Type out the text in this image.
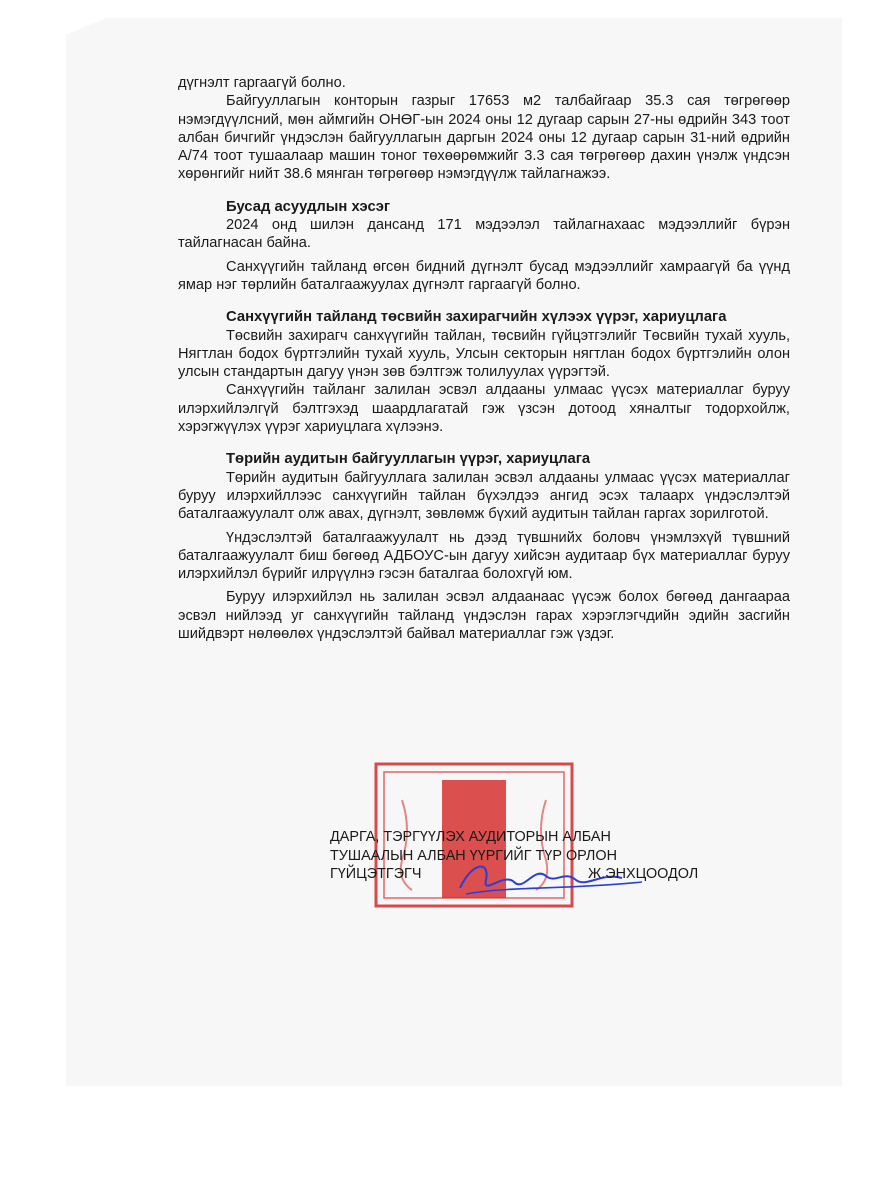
дүгнэлт гаргаагүй болно.

Байгууллагын конторын газрыг 17653 м2 талбайгаар 35.3 сая төгрөгөөр нэмэгдүүлсний, мөн аймгийн ОНӨГ-ын 2024 оны 12 дугаар сарын 27-ны өдрийн 343 тоот албан бичгийг үндэслэн байгууллагын даргын 2024 оны 12 дугаар сарын 31-ний өдрийн А/74 тоот тушаалаар машин тоног төхөөрөмжийг 3.3 сая төгрөгөөр дахин үнэлж үндсэн хөрөнгийг нийт 38.6 мянган төгрөгөөр нэмэгдүүлж тайлагнажээ.

Бусад асуудлын хэсэг

2024 онд шилэн дансанд 171 мэдээлэл тайлагнахаас мэдээллийг бүрэн тайлагнасан байна.

Санхүүгийн тайланд өгсөн бидний дүгнэлт бусад мэдээллийг хамраагүй ба үүнд ямар нэг төрлийн баталгаажуулах дүгнэлт гаргаагүй болно.

Санхүүгийн тайланд төсвийн захирагчийн хүлээх үүрэг, хариуцлага

Төсвийн захирагч санхүүгийн тайлан, төсвийн гүйцэтгэлийг Төсвийн тухай хууль, Нягтлан бодох бүртгэлийн тухай хууль, Улсын секторын нягтлан бодох бүртгэлийн олон улсын стандартын дагуу үнэн зөв бэлтгэж толилуулах үүрэгтэй.

Санхүүгийн тайланг залилан эсвэл алдааны улмаас үүсэх материаллаг буруу илэрхийлэлгүй бэлтгэхэд шаардлагатай гэж үзсэн дотоод хяналтыг тодорхойлж, хэрэгжүүлэх үүрэг хариуцлага хүлээнэ.

Төрийн аудитын байгууллагын үүрэг, хариуцлага

Төрийн аудитын байгууллага залилан эсвэл алдааны улмаас үүсэх материаллаг буруу илэрхийллээс санхүүгийн тайлан бүхэлдээ ангид эсэх талаарх үндэслэлтэй баталгаажуулалт олж авах, дүгнэлт, зөвлөмж бүхий аудитын тайлан гаргах зорилготой.

Үндэслэлтэй баталгаажуулалт нь дээд түвшнийх боловч үнэмлэхүй түвшний баталгаажуулалт биш бөгөөд АДБОУС-ын дагуу хийсэн аудитаар бүх материаллаг буруу илэрхийлэл бүрийг илрүүлнэ гэсэн баталгаа болохгүй юм.

Буруу илэрхийлэл нь залилан эсвэл алдаанаас үүсэж болох бөгөөд дангаараа эсвэл нийлээд уг санхүүгийн тайланд үндэслэн гарах хэрэглэгчдийн эдийн засгийн шийдвэрт нөлөөлөх үндэслэлтэй байвал материаллаг гэж үздэг.

ДАРГА, ТЭРГҮҮЛЭХ АУДИТОРЫН АЛБАН
ТУШААЛЫН АЛБАН ҮҮРГИЙГ ТҮР ОРЛОН
ГҮЙЦЭТГЭГЧ	Ж.ЭНХЦООДОЛ
